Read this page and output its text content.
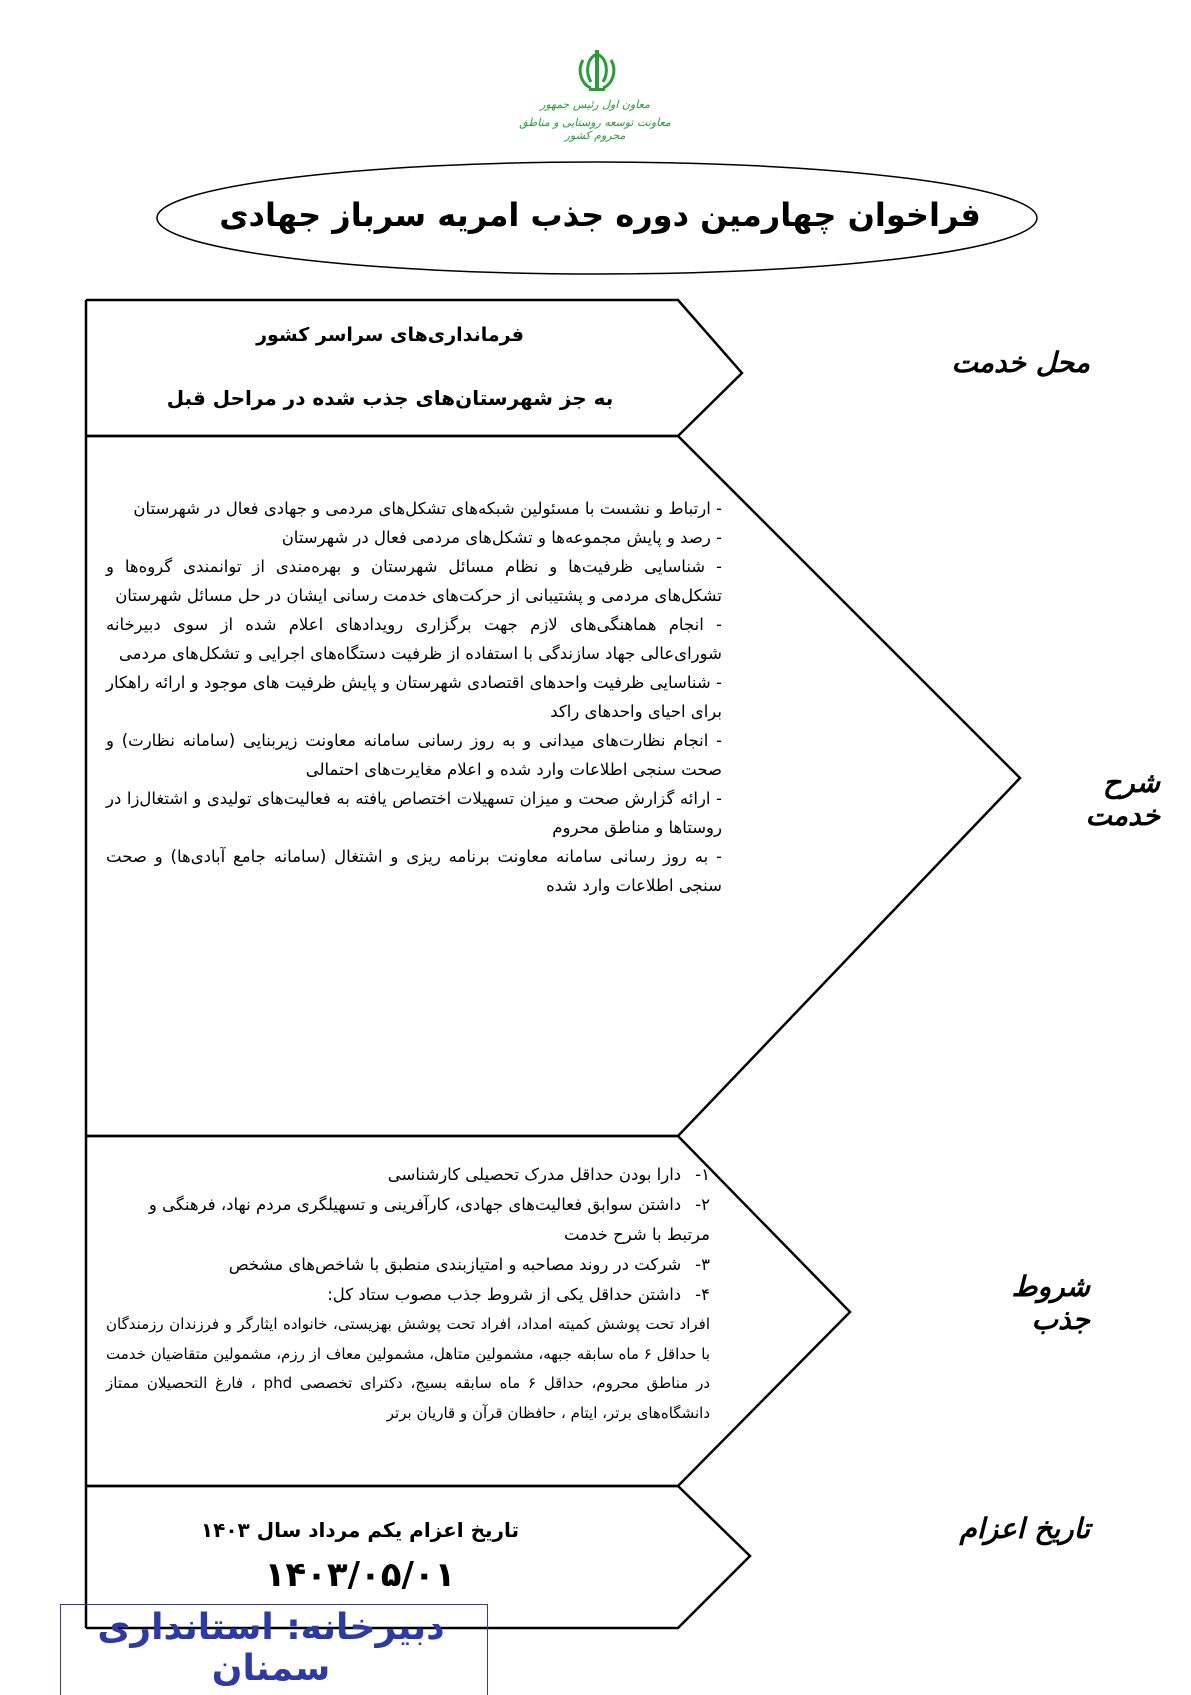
معاون اول رئیس جمهور
معاونت توسعه روستایی و مناطق محروم کشور
فراخوان چهارمین دوره جذب امریه سرباز جهادی
محل خدمت
شرح خدمت
شروط جذب
تاریخ اعزام
فرمانداری‌های سراسر کشور
به جز شهرستان‌های جذب شده در مراحل قبل

- ارتباط و نشست با مسئولین شبکه‌های تشکل‌های مردمی و جهادی فعال در شهرستان

- رصد و پایش مجموعه‌ها و تشکل‌های مردمی فعال در شهرستان

- شناسایی ظرفیت‌ها و نظام مسائل شهرستان و بهره‌مندی از توانمندی گروه‌ها و تشکل‌های مردمی و پشتیبانی از حرکت‌های خدمت رسانی ایشان در حل مسائل شهرستان

- انجام هماهنگی‌های لازم جهت برگزاری رویدادهای اعلام شده از سوی دبیرخانه شورای‌عالی جهاد سازندگی با استفاده از ظرفیت دستگاه‌های اجرایی و تشکل‌های مردمی

- شناسایی ظرفیت واحدهای اقتصادی شهرستان و پایش ظرفیت های موجود و ارائه راهکار برای احیای واحدهای راکد

- انجام نظارت‌های میدانی و به روز رسانی سامانه معاونت زیربنایی (سامانه نظارت) و صحت سنجی اطلاعات وارد شده و اعلام مغایرت‌های احتمالی

- ارائه گزارش صحت و میزان تسهیلات اختصاص یافته به فعالیت‌های تولیدی و اشتغال‌زا در روستاها و مناطق محروم

- به روز رسانی سامانه معاونت برنامه ریزی و اشتغال (سامانه جامع آبادی‌ها) و صحت سنجی اطلاعات وارد شده

۱-دارا بودن حداقل مدرک تحصیلی کارشناسی

۲-داشتن سوابق فعالیت‌های جهادی، کارآفرینی و تسهیلگری مردم نهاد، فرهنگی و مرتبط با شرح خدمت

۳-شرکت در روند مصاحبه و امتیازبندی منطبق با شاخص‌های مشخص

۴-داشتن حداقل یکی از شروط جذب مصوب ستاد کل:

افراد تحت پوشش کمیته امداد، افراد تحت پوشش بهزیستی، خانواده ایثارگر و فرزندان رزمندگان با حداقل ۶ ماه سابقه جبهه، مشمولین متاهل، مشمولین معاف از رزم، مشمولین متقاضیان خدمت در مناطق محروم، حداقل ۶ ماه سابقه بسیج، دکترای تخصصی phd ، فارغ التحصیلان ممتاز دانشگاه‌های برتر، ایتام ، حافظان قرآن و قاریان برتر

تاریخ اعزام یکم مرداد سال ۱۴۰۳
۱۴۰۳/۰۵/۰۱
دبیرخانه: استانداری سمنان
